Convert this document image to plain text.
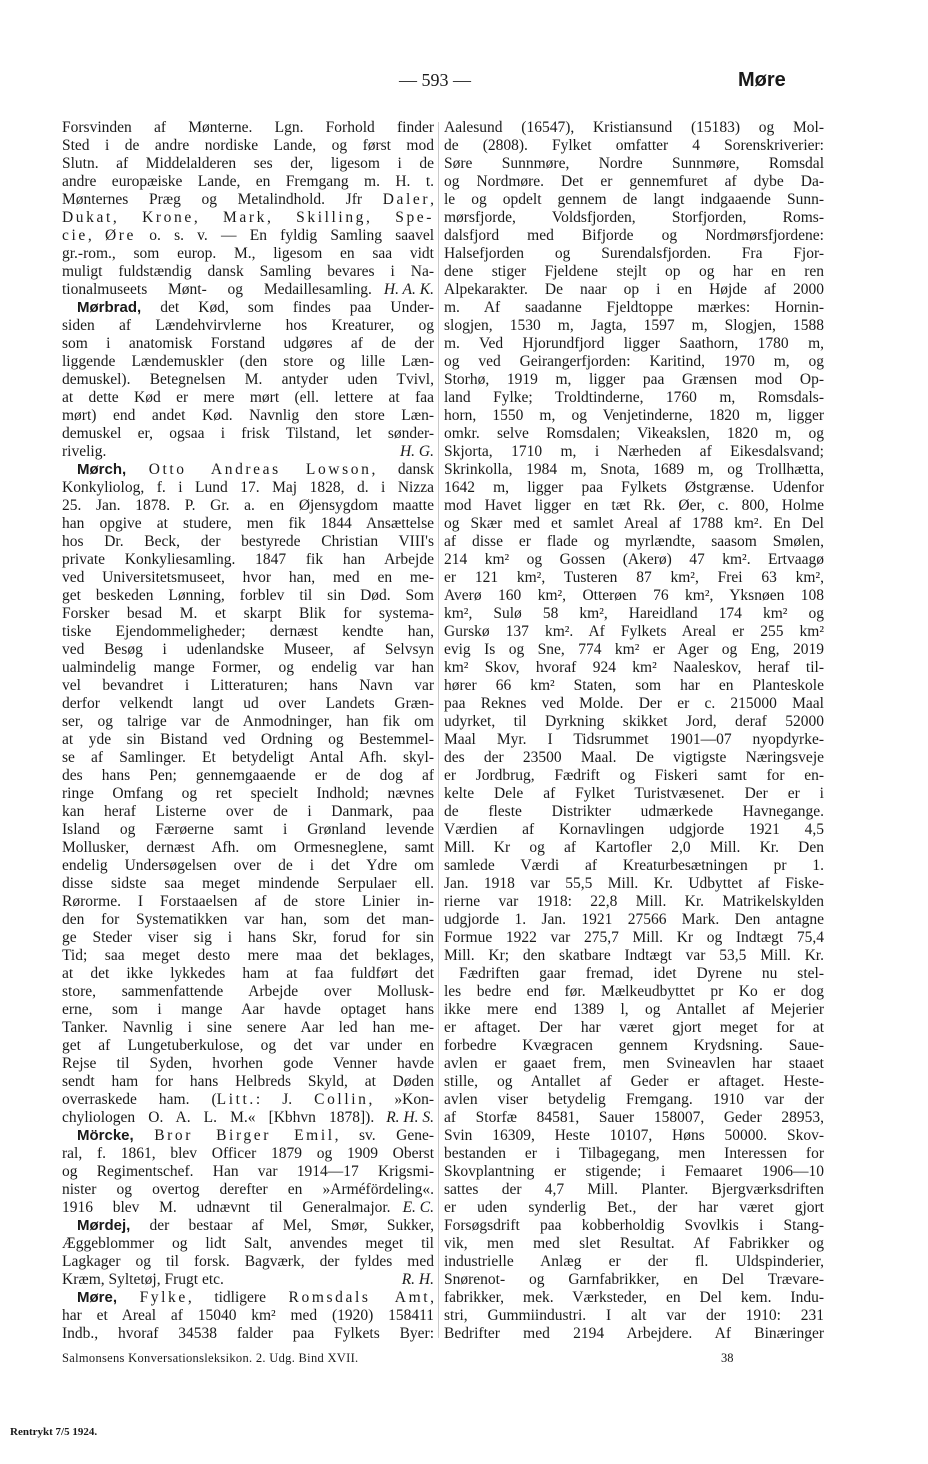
— 593 —	Møre
Forsvinden af Mønterne. Lgn. Forhold finder
Sted i de andre nordiske Lande, og først mod
Slutn. af Middelalderen ses der, ligesom i de
andre europæiske Lande, en Fremgang m. H. t.
Mønternes Præg og Metalindhold. Jfr Daler,
Dukat, Krone, Mark, Skilling, Spe-
cie, Øre o. s. v. — En fyldig Samling saavel
gr.-rom., som europ. M., ligesom en saa vidt
muligt fuldstændig dansk Samling bevares i Na-
tionalmuseets Mønt- og Medaillesamling. H. A. K.
Mørbrad, det Kød, som findes paa Under-
siden af Lændehvirvlerne hos Kreaturer, og
som i anatomisk Forstand udgøres af de der
liggende Lændemuskler (den store og lille Læn-
demuskel). Betegnelsen M. antyder uden Tvivl,
at dette Kød er mere mørt (ell. lettere at faa
mørt) end andet Kød. Navnlig den store Læn-
demuskel er, ogsaa i frisk Tilstand, let sønder-
rivelig.	H. G.
Mørch, Otto Andreas Lowson, dansk
Konkyliolog, f. i Lund 17. Maj 1828, d. i Nizza
25. Jan. 1878. P. Gr. a. en Øjensygdom maatte
han opgive at studere, men fik 1844 Ansættelse
hos Dr. Beck, der bestyrede Christian VIII's
private Konkyliesamling. 1847 fik han Arbejde
ved Universitetsmuseet, hvor han, med en me-
get beskeden Lønning, forblev til sin Død. Som
Forsker besad M. et skarpt Blik for systema-
tiske Ejendommeligheder; dernæst kendte han,
ved Besøg i udenlandske Museer, af Selvsyn
ualmindelig mange Former, og endelig var han
vel bevandret i Litteraturen; hans Navn var
derfor velkendt langt ud over Landets Græn-
ser, og talrige var de Anmodninger, han fik om
at yde sin Bistand ved Ordning og Bestemmel-
se af Samlinger. Et betydeligt Antal Afh. skyl-
des hans Pen; gennemgaaende er de dog af
ringe Omfang og ret specielt Indhold; nævnes
kan heraf Listerne over de i Danmark, paa
Island og Færøerne samt i Grønland levende
Mollusker, dernæst Afh. om Ormesneglene, samt
endelig Undersøgelsen over de i det Ydre om
disse sidste saa meget mindende Serpulaer ell.
Rørorme. I Forstaaelsen af de store Linier in-
den for Systematikken var han, som det man-
ge Steder viser sig i hans Skr, forud for sin
Tid; saa meget desto mere maa det beklages,
at det ikke lykkedes ham at faa fuldført det
store, sammenfattende Arbejde over Mollusk-
erne, som i mange Aar havde optaget hans
Tanker. Navnlig i sine senere Aar led han me-
get af Lungetuberkulose, og det var under en
Rejse til Syden, hvorhen gode Venner havde
sendt ham for hans Helbreds Skyld, at Døden
overraskede ham. (Litt.: J. Collin, »Kon-
chyliologen O. A. L. M.« [Kbhvn 1878]). R. H. S.
Mörcke, Bror Birger Emil, sv. Gene-
ral, f. 1861, blev Officer 1879 og 1909 Oberst
og Regimentschef. Han var 1914—17 Krigsmi-
nister og overtog derefter en »Arméfördeling«.
1916 blev M. udnævnt til Generalmajor. E. C.
Mørdej, der bestaar af Mel, Smør, Sukker,
Æggeblommer og lidt Salt, anvendes meget til
Lagkager og til forsk. Bagværk, der fyldes med
Kræm, Syltetøj, Frugt etc.	R. H.
Møre, Fylke, tidligere Romsdals Amt,
har et Areal af 15040 km² med (1920) 158411
Indb., hvoraf 34538 falder paa Fylkets Byer:
Aalesund (16547), Kristiansund (15183) og Mol-
de (2808). Fylket omfatter 4 Sorenskriverier:
Søre Sunnmøre, Nordre Sunnmøre, Romsdal
og Nordmøre. Det er gennemfuret af dybe Da-
le og opdelt gennem de langt indgaaende Sunn-
mørsfjorde, Voldsfjorden, Storfjorden, Roms-
dalsfjord med Bifjorde og Nordmørsfjordene:
Halsefjorden og Surendalsfjorden. Fra Fjor-
dene stiger Fjeldene stejlt op og har en ren
Alpekarakter. De naar op i en Højde af 2000
m. Af saadanne Fjeldtoppe mærkes: Hornin-
slogjen, 1530 m, Jagta, 1597 m, Slogjen, 1588
m. Ved Hjorundfjord ligger Saathorn, 1780 m,
og ved Geirangerfjorden: Karitind, 1970 m, og
Storhø, 1919 m, ligger paa Grænsen mod Op-
land Fylke; Troldtinderne, 1760 m, Romsdals-
horn, 1550 m, og Venjetinderne, 1820 m, ligger
omkr. selve Romsdalen; Vikeakslen, 1820 m, og
Skjorta, 1710 m, i Nærheden af Eikesdalsvand;
Skrinkolla, 1984 m, Snota, 1689 m, og Trollhætta,
1642 m, ligger paa Fylkets Østgrænse. Udenfor
mod Havet ligger en tæt Rk. Øer, c. 800, Holme
og Skær med et samlet Areal af 1788 km². En Del
af disse er flade og myrlændte, saasom Smølen,
214 km² og Gossen (Akerø) 47 km². Ertvaagø
er 121 km², Tusteren 87 km², Frei 63 km²,
Averø 160 km², Otterøen 76 km², Yksnøen 108
km², Sulø 58 km², Hareidland 174 km² og
Gurskø 137 km². Af Fylkets Areal er 255 km²
evig Is og Sne, 774 km² er Ager og Eng, 2019
km² Skov, hvoraf 924 km² Naaleskov, heraf til-
hører 66 km² Staten, som har en Planteskole
paa Reknes ved Molde. Der er c. 215000 Maal
udyrket, til Dyrkning skikket Jord, deraf 52000
Maal Myr. I Tidsrummet 1901—07 nyopdyrke-
des der 23500 Maal. De vigtigste Næringsveje
er Jordbrug, Fædrift og Fiskeri samt for en-
kelte Dele af Fylket Turistvæsenet. Der er i
de fleste Distrikter udmærkede Havnegange.
Værdien af Kornavlingen udgjorde 1921 4,5
Mill. Kr og af Kartofler 2,0 Mill. Kr. Den
samlede Værdi af Kreaturbesætningen pr 1.
Jan. 1918 var 55,5 Mill. Kr. Udbyttet af Fiske-
rierne var 1918: 22,8 Mill. Kr. Matrikelskylden
udgjorde 1. Jan. 1921 27566 Mark. Den antagne
Formue 1922 var 275,7 Mill. Kr og Indtægt 75,4
Mill. Kr; den skatbare Indtægt var 53,5 Mill. Kr.
Fædriften gaar fremad, idet Dyrene nu stel-
les bedre end før. Mælkeudbyttet pr Ko er dog
ikke mere end 1389 l, og Antallet af Mejerier
er aftaget. Der har været gjort meget for at
forbedre Kvægracen gennem Krydsning. Saue-
avlen er gaaet frem, men Svineavlen har staaet
stille, og Antallet af Geder er aftaget. Heste-
avlen viser betydelig Fremgang. 1910 var der
af Storfæ 84581, Sauer 158007, Geder 28953,
Svin 16309, Heste 10107, Høns 50000. Skov-
bestanden er i Tilbagegang, men Interessen for
Skovplantning er stigende; i Femaaret 1906—10
sattes der 4,7 Mill. Planter. Bjergværksdriften
er uden synderlig Bet., der har været gjort
Forsøgsdrift paa kobberholdig Svovlkis i Stang-
vik, men med slet Resultat. Af Fabrikker og
industrielle Anlæg er der fl. Uldspinderier,
Snørenot- og Garnfabrikker, en Del Trævare-
fabrikker, mek. Værksteder, en Del kem. Indu-
stri, Gummiindustri. I alt var der 1910: 231
Bedrifter med 2194 Arbejdere. Af Binæringer
Salmonsens Konversationsleksikon. 2. Udg. Bind XVII.	38
Rentrykt 7/5 1924.
